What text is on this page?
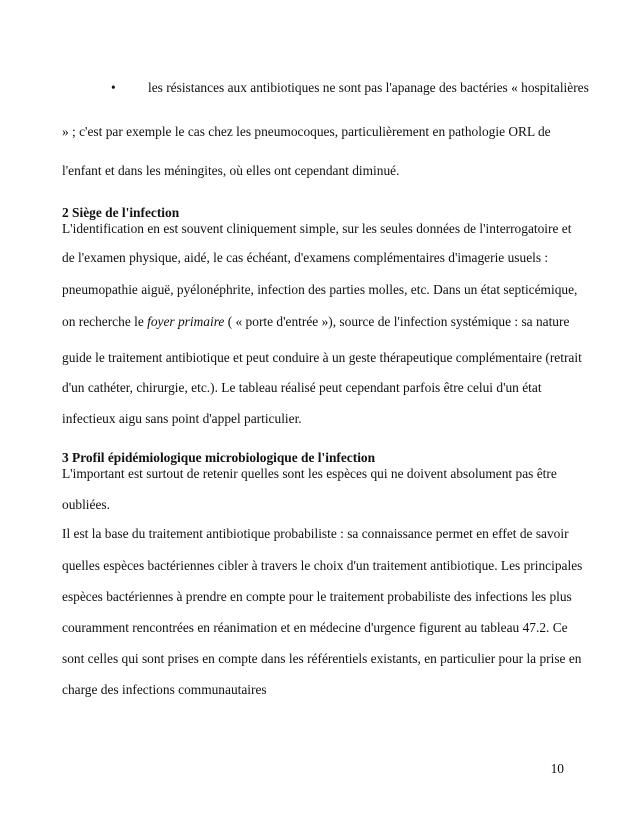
• les résistances aux antibiotiques ne sont pas l'apanage des bactéries « hospitalières
» ; c'est par exemple le cas chez les pneumocoques, particulièrement en pathologie ORL de
l'enfant et dans les méningites, où elles ont cependant diminué.
2 Siège de l'infection
L'identification en est souvent cliniquement simple, sur les seules données de l'interrogatoire et
de l'examen physique, aidé, le cas échéant, d'examens complémentaires d'imagerie usuels :
pneumopathie aiguë, pyélonéphrite, infection des parties molles, etc. Dans un état septicémique,
on recherche le foyer primaire ( « porte d'entrée »), source de l'infection systémique : sa nature
guide le traitement antibiotique et peut conduire à un geste thérapeutique complémentaire (retrait
d'un cathéter, chirurgie, etc.). Le tableau réalisé peut cependant parfois être celui d'un état
infectieux aigu sans point d'appel particulier.
3 Profil épidémiologique microbiologique de l'infection
L'important est surtout de retenir quelles sont les espèces qui ne doivent absolument pas être
oubliées.
Il est la base du traitement antibiotique probabiliste : sa connaissance permet en effet de savoir
quelles espèces bactériennes cibler à travers le choix d'un traitement antibiotique. Les principales
espèces bactériennes à prendre en compte pour le traitement probabiliste des infections les plus
couramment rencontrées en réanimation et en médecine d'urgence figurent au tableau 47.2. Ce
sont celles qui sont prises en compte dans les référentiels existants, en particulier pour la prise en
charge des infections communautaires
10
